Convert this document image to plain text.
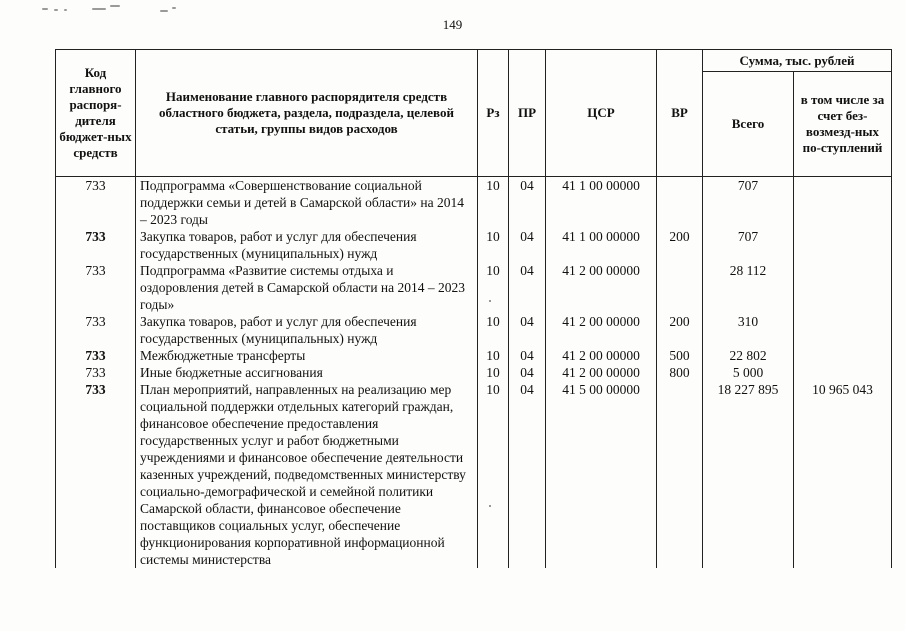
149
Код главного распоря-дителя бюджет-ных средств	Наименование главного распорядителя средств областного бюджета, раздела, подраздела, целевой статьи, группы видов расходов	Рз	ПР	ЦСР	ВР	Сумма, тыс. рублей	
						Всего	в том числе за счет без-возмезд-ных по-ступлений
733	Подпрограмма «Совершенствование социальной поддержки семьи и детей в Самарской области» на 2014 – 2023 годы	10	04	41 1 00 00000		707	
733	Закупка товаров, работ и услуг для обеспечения государственных (муниципальных) нужд	10	04	41 1 00 00000	200	707	
733	Подпрограмма «Развитие системы отдыха и оздоровления детей в Самарской области на 2014 – 2023 годы»	10	04	41 2 00 00000		28 112	
733	Закупка товаров, работ и услуг для обеспечения государственных (муниципальных) нужд	10	04	41 2 00 00000	200	310	
733	Межбюджетные трансферты	10	04	41 2 00 00000	500	22 802	
733	Иные бюджетные ассигнования	10	04	41 2 00 00000	800	5 000	
733	План мероприятий, направленных на реализацию мер социальной поддержки отдельных категорий граждан, финансовое обеспечение предоставления государственных услуг и работ бюджетными учреждениями и финансовое обеспечение деятельности казенных учреждений, подведомственных министерству социально-демографической и семейной политики Самарской области, финансовое обеспечение поставщиков социальных услуг, обеспечение функционирования корпоративной информационной системы министерства	10	04	41 5 00 00000		18 227 895	10 965 043
